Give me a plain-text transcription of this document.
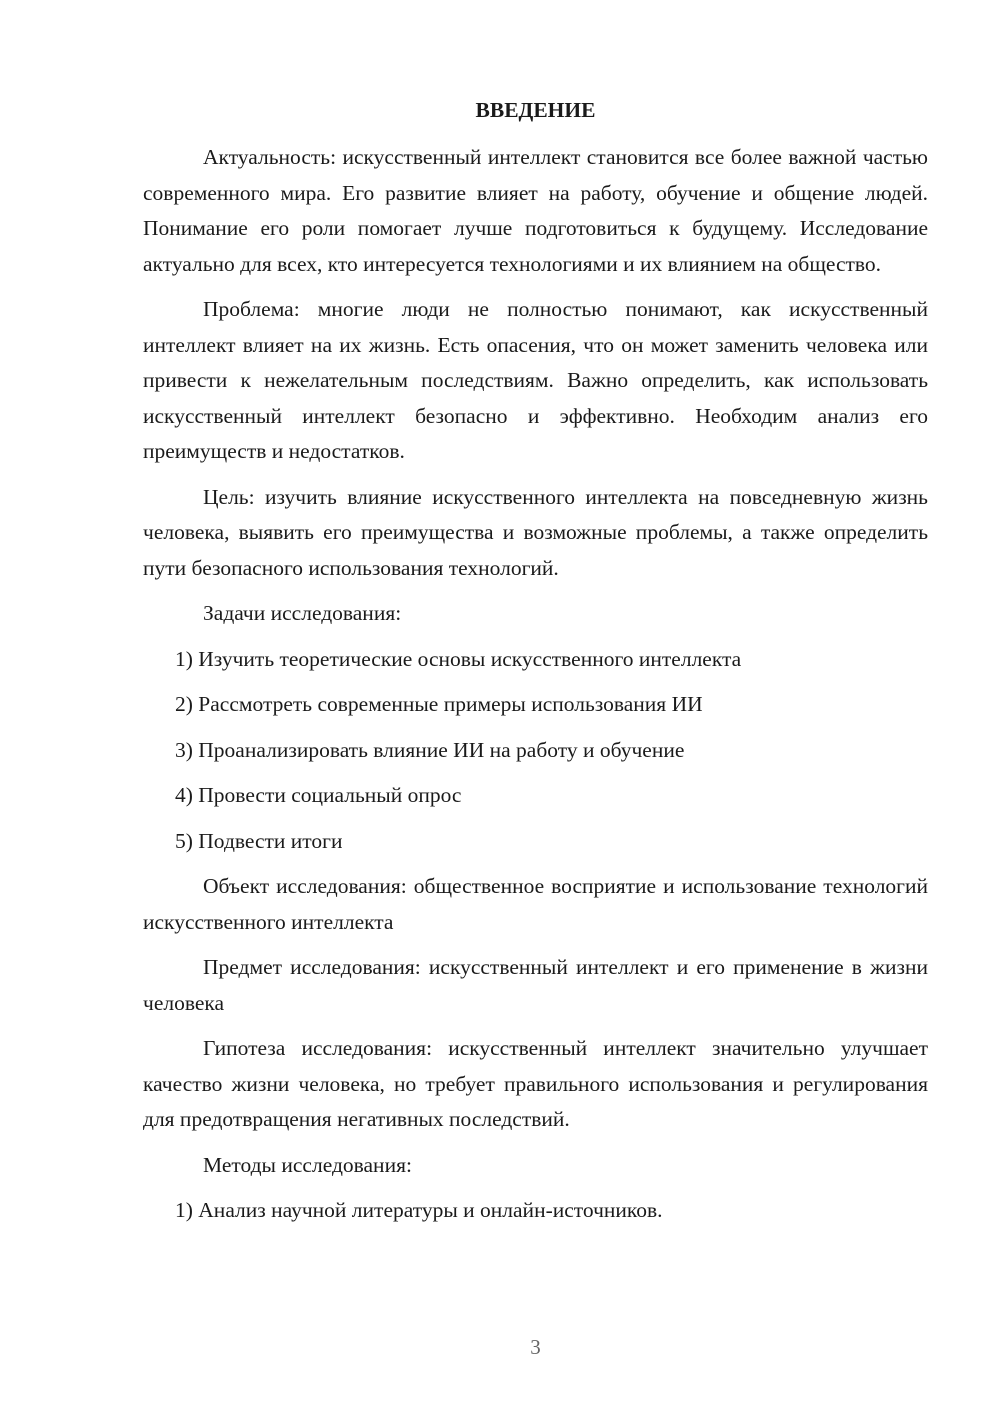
ВВЕДЕНИЕ

Актуальность: искусственный интеллект становится все более важной частью современного мира. Его развитие влияет на работу, обучение и общение людей. Понимание его роли помогает лучше подготовиться к будущему. Исследование актуально для всех, кто интересуется технологиями и их влиянием на общество.

Проблема: многие люди не полностью понимают, как искусственный интеллект влияет на их жизнь. Есть опасения, что он может заменить человека или привести к нежелательным последствиям. Важно определить, как использовать искусственный интеллект безопасно и эффективно. Необходим анализ его преимуществ и недостатков.

Цель: изучить влияние искусственного интеллекта на повседневную жизнь человека, выявить его преимущества и возможные проблемы, а также определить пути безопасного использования технологий.

Задачи исследования:

1) Изучить теоретические основы искусственного интеллекта
2) Рассмотреть современные примеры использования ИИ
3) Проанализировать влияние ИИ на работу и обучение
4) Провести социальный опрос
5) Подвести итоги

Объект исследования: общественное восприятие и использование технологий искусственного интеллекта

Предмет исследования: искусственный интеллект и его применение в жизни человека

Гипотеза исследования: искусственный интеллект значительно улучшает качество жизни человека, но требует правильного использования и регулирования для предотвращения негативных последствий.

Методы исследования:

1) Анализ научной литературы и онлайн-источников.
3
